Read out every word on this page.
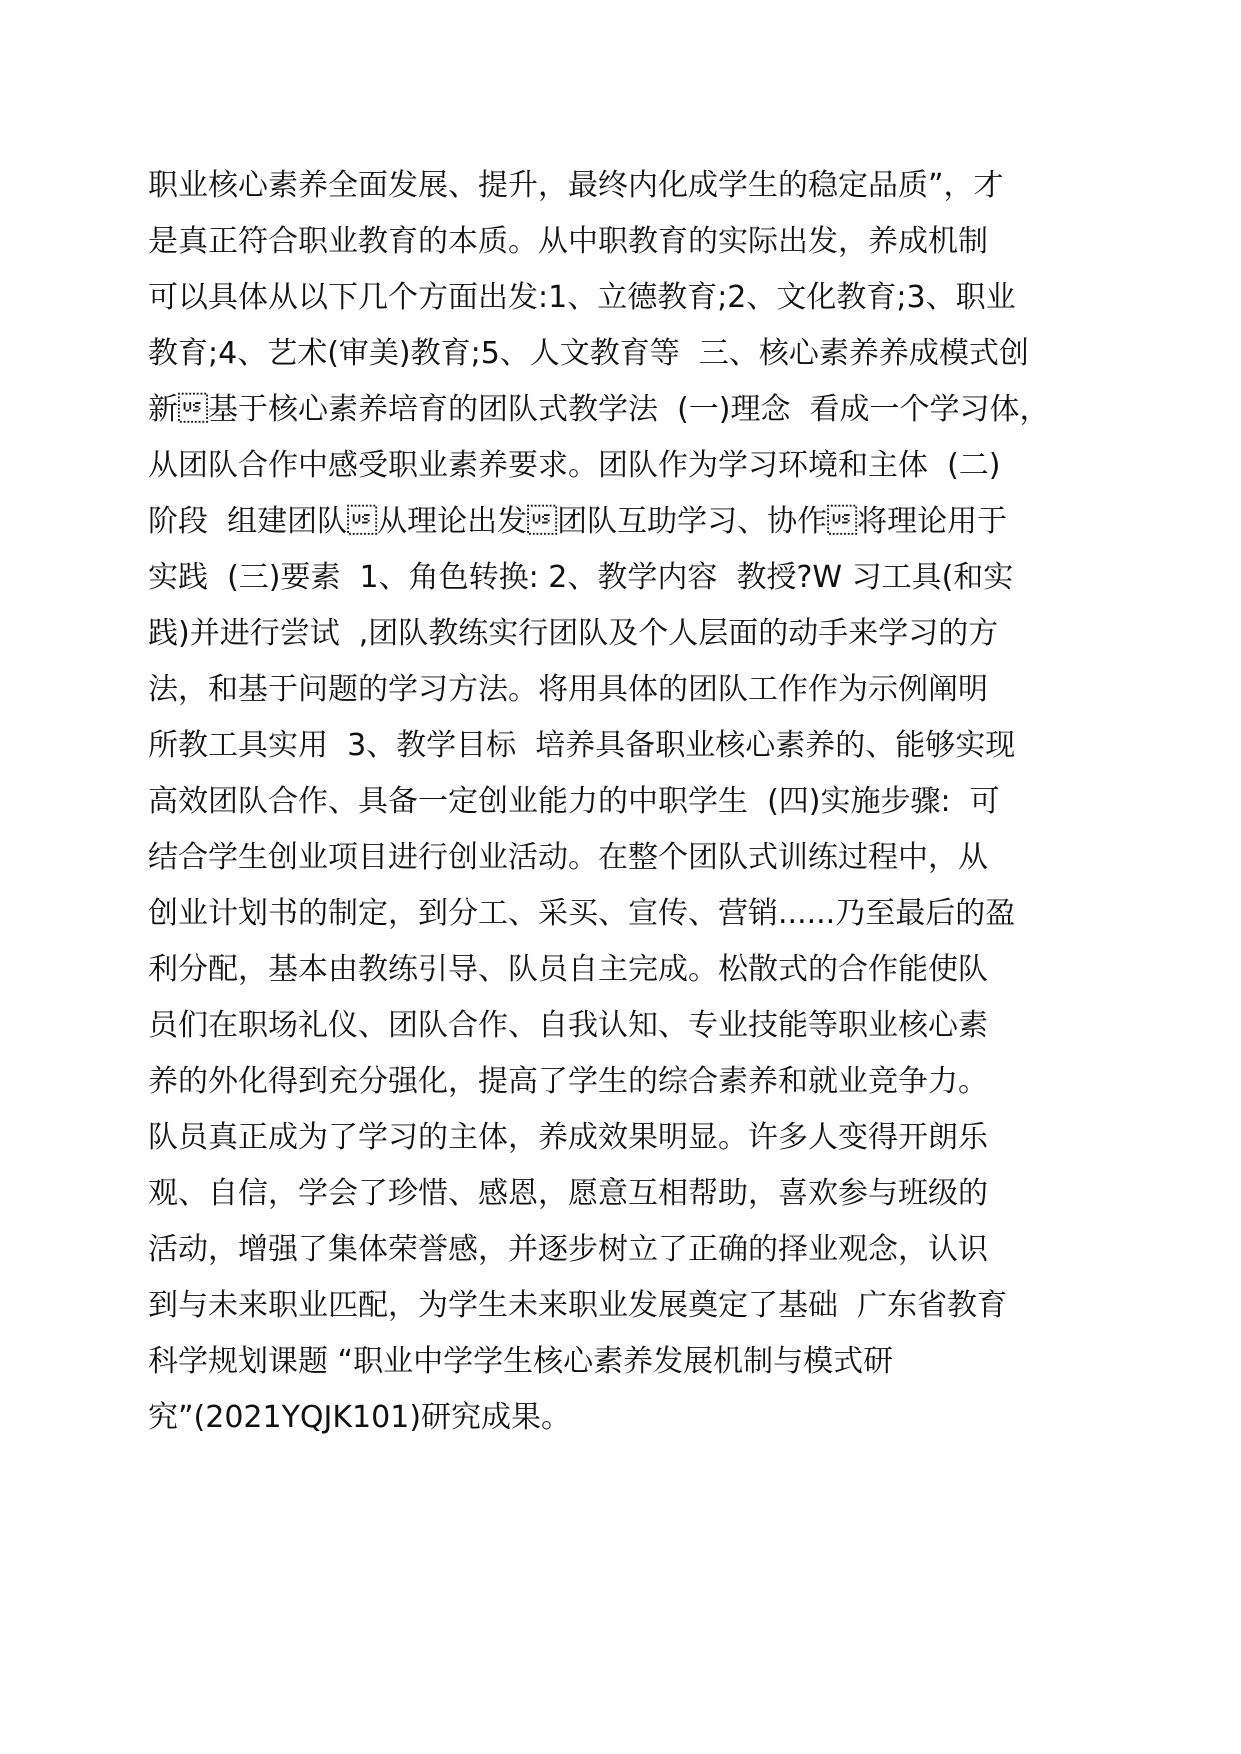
职业核心素养全面发展、提升，最终内化成学生的稳定品质”，才
是真正符合职业教育的本质。从中职教育的实际出发，养成机制
可以具体从以下几个方面出发:1、立德教育;2、文化教育;3、职业
教育;4、艺术(审美)教育;5、人文教育等  三、核心素养养成模式创
新基于核心素养培育的团队式教学法  (一)理念  看成一个学习体，
从团队合作中感受职业素养要求。团队作为学习环境和主体  (二)
阶段  组建团队从理论出发团队互助学习、协作将理论用于
实践  (三)要素  1、角色转换: 2、教学内容  教授?W 习工具(和实
践)并进行尝试  ,团队教练实行团队及个人层面的动手来学习的方
法，和基于问题的学习方法。将用具体的团队工作作为示例阐明
所教工具实用  3、教学目标  培养具备职业核心素养的、能够实现
高效团队合作、具备一定创业能力的中职学生  (四)实施步骤:  可
结合学生创业项目进行创业活动。在整个团队式训练过程中，从
创业计划书的制定，到分工、采买、宣传、营销......乃至最后的盈
利分配，基本由教练引导、队员自主完成。松散式的合作能使队
员们在职场礼仪、团队合作、自我认知、专业技能等职业核心素
养的外化得到充分强化，提高了学生的综合素养和就业竞争力。
队员真正成为了学习的主体，养成效果明显。许多人变得开朗乐
观、自信，学会了珍惜、感恩，愿意互相帮助，喜欢参与班级的
活动，增强了集体荣誉感，并逐步树立了正确的择业观念，认识
到与未来职业匹配，为学生未来职业发展奠定了基础  广东省教育
科学规划课题 “职业中学学生核心素养发展机制与模式研
究”(2021YQJK101)研究成果。
